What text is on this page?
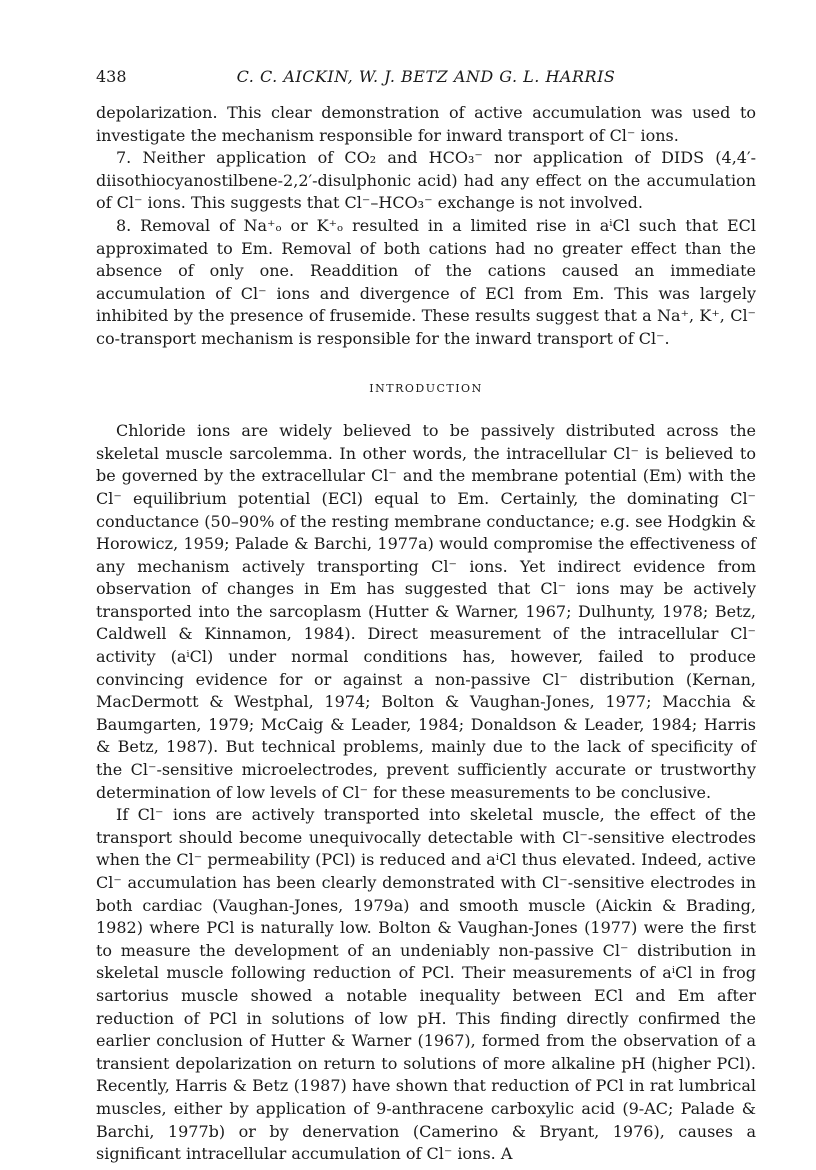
438	C. C. AICKIN, W. J. BETZ AND G. L. HARRIS

depolarization. This clear demonstration of active accumulation was used to investigate the mechanism responsible for inward transport of Cl⁻ ions.

7. Neither application of CO₂ and HCO₃⁻ nor application of DIDS (4,4′-diisothiocyanostilbene-2,2′-disulphonic acid) had any effect on the accumulation of Cl⁻ ions. This suggests that Cl⁻–HCO₃⁻ exchange is not involved.

8. Removal of Na⁺ₒ or K⁺ₒ resulted in a limited rise in aⁱCl such that ECl approximated to Em. Removal of both cations had no greater effect than the absence of only one. Readdition of the cations caused an immediate accumulation of Cl⁻ ions and divergence of ECl from Em. This was largely inhibited by the presence of frusemide. These results suggest that a Na⁺, K⁺, Cl⁻ co-transport mechanism is responsible for the inward transport of Cl⁻.

INTRODUCTION

Chloride ions are widely believed to be passively distributed across the skeletal muscle sarcolemma. In other words, the intracellular Cl⁻ is believed to be governed by the extracellular Cl⁻ and the membrane potential (Em) with the Cl⁻ equilibrium potential (ECl) equal to Em. Certainly, the dominating Cl⁻ conductance (50–90% of the resting membrane conductance; e.g. see Hodgkin & Horowicz, 1959; Palade & Barchi, 1977a) would compromise the effectiveness of any mechanism actively transporting Cl⁻ ions. Yet indirect evidence from observation of changes in Em has suggested that Cl⁻ ions may be actively transported into the sarcoplasm (Hutter & Warner, 1967; Dulhunty, 1978; Betz, Caldwell & Kinnamon, 1984). Direct measurement of the intracellular Cl⁻ activity (aⁱCl) under normal conditions has, however, failed to produce convincing evidence for or against a non-passive Cl⁻ distribution (Kernan, MacDermott & Westphal, 1974; Bolton & Vaughan-Jones, 1977; Macchia & Baumgarten, 1979; McCaig & Leader, 1984; Donaldson & Leader, 1984; Harris & Betz, 1987). But technical problems, mainly due to the lack of specificity of the Cl⁻-sensitive microelectrodes, prevent sufficiently accurate or trustworthy determination of low levels of Cl⁻ for these measurements to be conclusive.

If Cl⁻ ions are actively transported into skeletal muscle, the effect of the transport should become unequivocally detectable with Cl⁻-sensitive electrodes when the Cl⁻ permeability (PCl) is reduced and aⁱCl thus elevated. Indeed, active Cl⁻ accumulation has been clearly demonstrated with Cl⁻-sensitive electrodes in both cardiac (Vaughan-Jones, 1979a) and smooth muscle (Aickin & Brading, 1982) where PCl is naturally low. Bolton & Vaughan-Jones (1977) were the first to measure the development of an undeniably non-passive Cl⁻ distribution in skeletal muscle following reduction of PCl. Their measurements of aⁱCl in frog sartorius muscle showed a notable inequality between ECl and Em after reduction of PCl in solutions of low pH. This finding directly confirmed the earlier conclusion of Hutter & Warner (1967), formed from the observation of a transient depolarization on return to solutions of more alkaline pH (higher PCl). Recently, Harris & Betz (1987) have shown that reduction of PCl in rat lumbrical muscles, either by application of 9-anthracene carboxylic acid (9-AC; Palade & Barchi, 1977b) or by denervation (Camerino & Bryant, 1976), causes a significant intracellular accumulation of Cl⁻ ions. A
